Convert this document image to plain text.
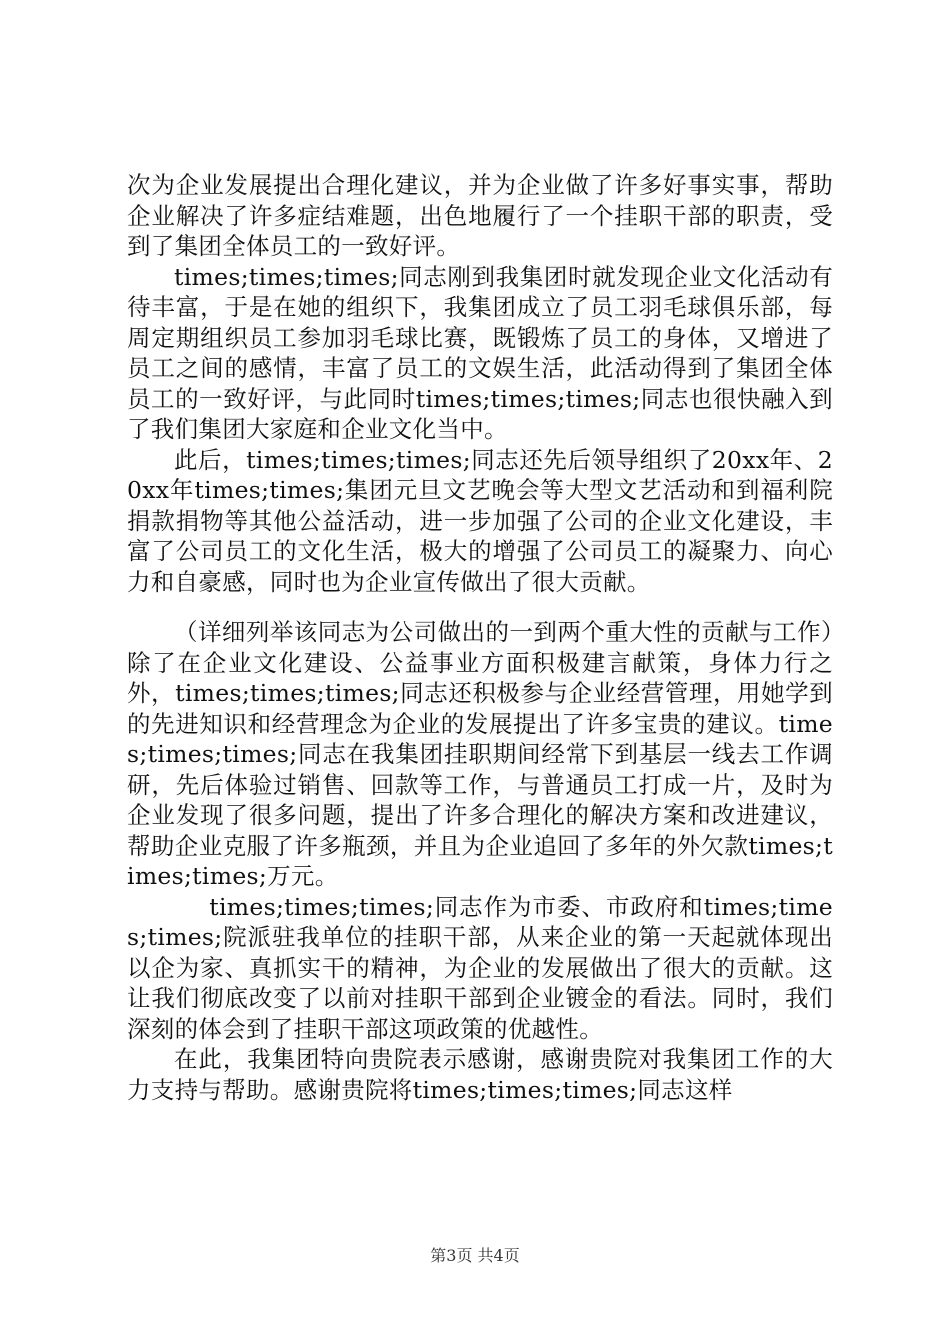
次为企业发展提出合理化建议，并为企业做了许多好事实事，帮助企业解决了许多症结难题，出色地履行了一个挂职干部的职责，受到了集团全体员工的一致好评。

times;times;times;同志刚到我集团时就发现企业文化活动有待丰富，于是在她的组织下，我集团成立了员工羽毛球俱乐部，每周定期组织员工参加羽毛球比赛，既锻炼了员工的身体，又增进了员工之间的感情，丰富了员工的文娱生活，此活动得到了集团全体员工的一致好评，与此同时times;times;times;同志也很快融入到了我们集团大家庭和企业文化当中。

此后，times;times;times;同志还先后领导组织了20xx年、20xx年times;times;集团元旦文艺晚会等大型文艺活动和到福利院捐款捐物等其他公益活动，进一步加强了公司的企业文化建设，丰富了公司员工的文化生活，极大的增强了公司员工的凝聚力、向心力和自豪感，同时也为企业宣传做出了很大贡献。

（详细列举该同志为公司做出的一到两个重大性的贡献与工作）除了在企业文化建设、公益事业方面积极建言献策，身体力行之外，times;times;times;同志还积极参与企业经营管理，用她学到的先进知识和经营理念为企业的发展提出了许多宝贵的建议。times;times;times;同志在我集团挂职期间经常下到基层一线去工作调研，先后体验过销售、回款等工作，与普通员工打成一片，及时为企业发现了很多问题，提出了许多合理化的解决方案和改进建议，帮助企业克服了许多瓶颈，并且为企业追回了多年的外欠款times;times;times;万元。

times;times;times;同志作为市委、市政府和times;times;times;院派驻我单位的挂职干部，从来企业的第一天起就体现出以企为家、真抓实干的精神，为企业的发展做出了很大的贡献。这让我们彻底改变了以前对挂职干部到企业镀金的看法。同时，我们深刻的体会到了挂职干部这项政策的优越性。

在此，我集团特向贵院表示感谢，感谢贵院对我集团工作的大力支持与帮助。感谢贵院将times;times;times;同志这样

第3页 共4页
